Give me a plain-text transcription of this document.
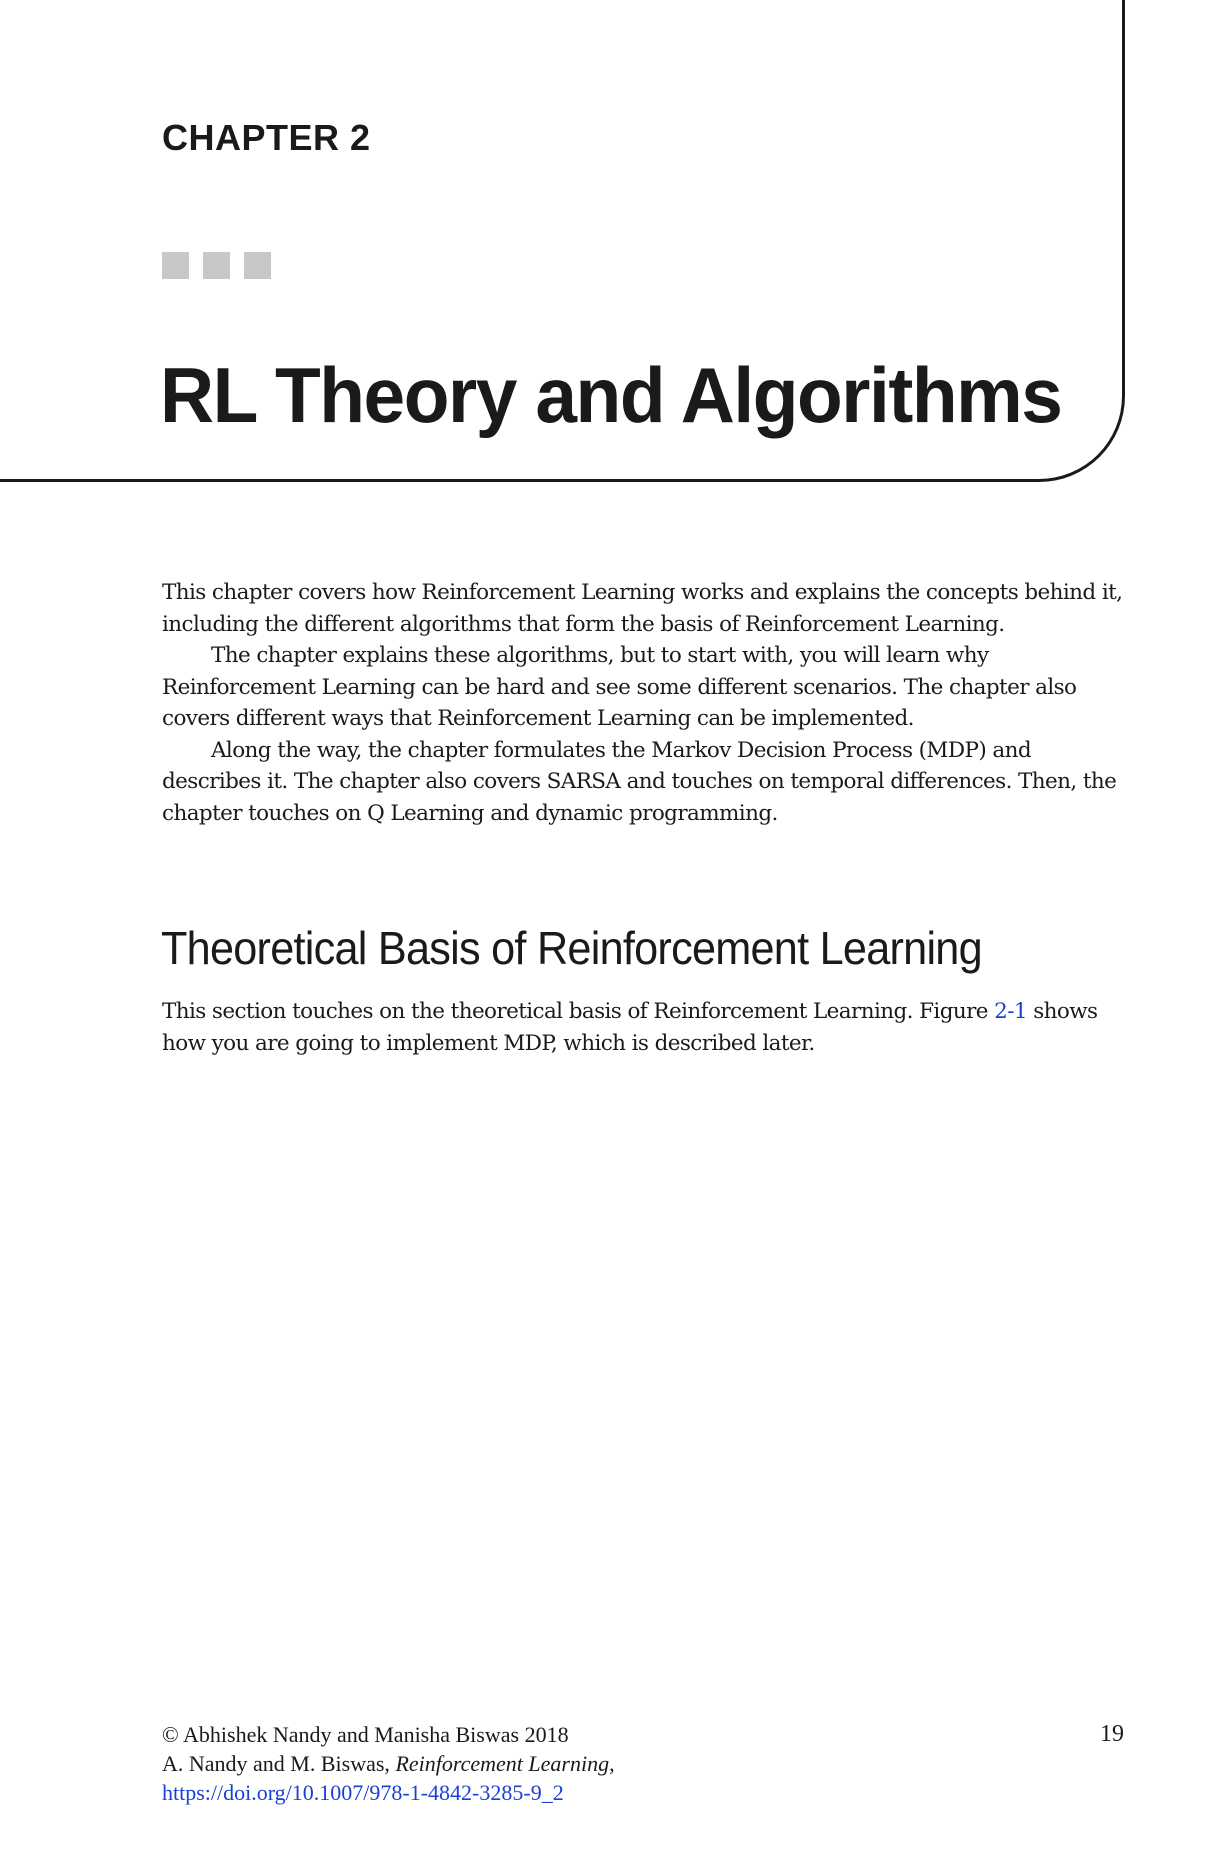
CHAPTER 2
RL Theory and Algorithms

This chapter covers how Reinforcement Learning works and explains the concepts behind it, including the different algorithms that form the basis of Reinforcement Learning.

The chapter explains these algorithms, but to start with, you will learn why Reinforcement Learning can be hard and see some different scenarios. The chapter also covers different ways that Reinforcement Learning can be implemented.

Along the way, the chapter formulates the Markov Decision Process (MDP) and describes it. The chapter also covers SARSA and touches on temporal differences. Then, the chapter touches on Q Learning and dynamic programming.

Theoretical Basis of Reinforcement Learning

This section touches on the theoretical basis of Reinforcement Learning. Figure 2-1 shows how you are going to implement MDP, which is described later.

© Abhishek Nandy and Manisha Biswas 2018
A. Nandy and M. Biswas, Reinforcement Learning,
https://doi.org/10.1007/978-1-4842-3285-9_2
19
